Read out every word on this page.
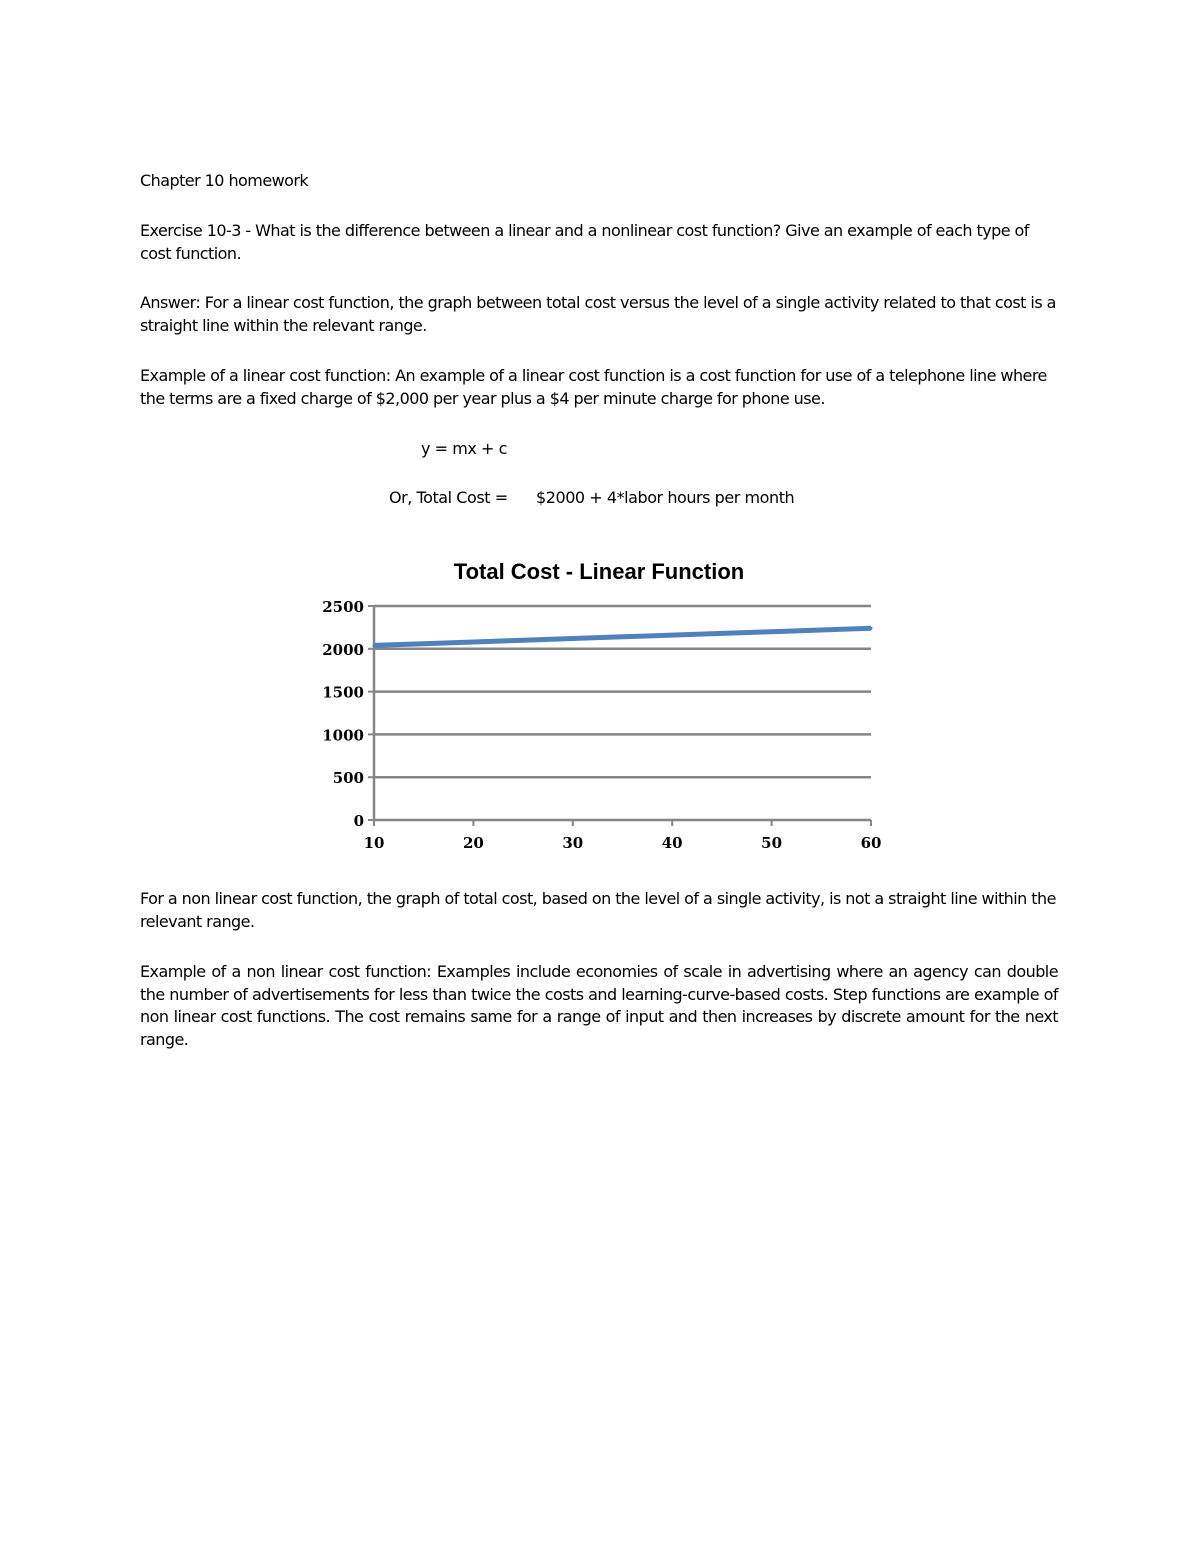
Chapter 10 homework

Exercise 10-3 - What is the difference between a linear and a nonlinear cost function? Give an example of each type of cost function.

Answer: For a linear cost function, the graph between total cost versus the level of a single activity related to that cost is a straight line within the relevant range.

Example of a linear cost function: An example of a linear cost function is a cost function for use of a telephone line where the terms are a fixed charge of $2,000 per year plus a $4 per minute charge for phone use.

y = mx + c

Or, Total Cost = $2000 + 4*labor hours per month

Total Cost - Linear Function
0
500
1000
1500
2000
2500
10	20	30	40	50	60

For a non linear cost function, the graph of total cost, based on the level of a single activity, is not a straight line within the relevant range.

Example of a non linear cost function: Examples include economies of scale in advertising where an agency can double the number of advertisements for less than twice the costs and learning-curve-based costs. Step functions are example of non linear cost functions. The cost remains same for a range of input and then increases by discrete amount for the next range.
